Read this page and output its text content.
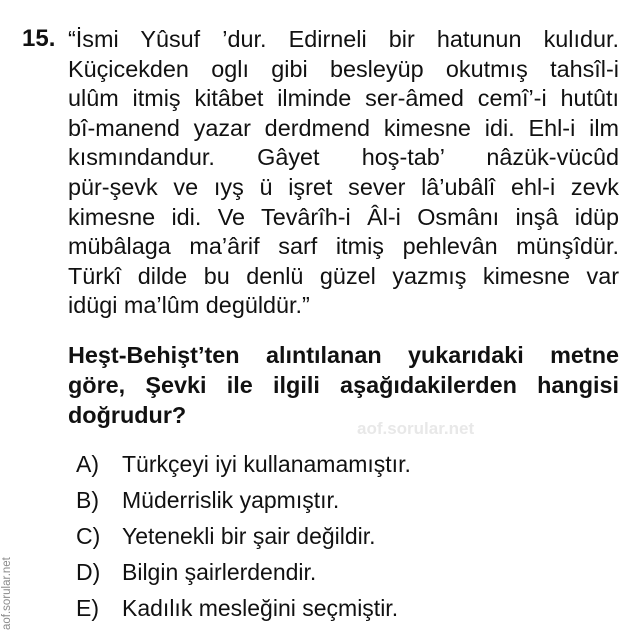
15. “İsmi Yûsuf ’dur. Edirneli bir hatunun kulıdur.
Küçicekden oglı gibi besleyüp okutmış tahsîl-i
ulûm itmiş kitâbet ilminde ser-âmed cemî’-i hutûtı
bî-manend yazar derdmend kimesne idi. Ehl-i ilm
kısmındandur. Gâyet hoş-tab’ nâzük-vücûd
pür-şevk ve ıyş ü işret sever lâ’ubâlî ehl-i zevk
kimesne idi. Ve Tevârîh-i Âl-i Osmânı inşâ idüp
mübâlaga ma’ârif sarf itmiş pehlevân münşîdür.
Türkî dilde bu denlü güzel yazmış kimesne var
idügi ma’lûm degüldür.”
aof.sorular.net
Heşt-Behişt’ten alıntılanan yukarıdaki metne
göre, Şevki ile ilgili aşağıdakilerden hangisi
doğrudur?
A) Türkçeyi iyi kullanamamıştır.
B) Müderrislik yapmıştır.
C) Yetenekli bir şair değildir.
D) Bilgin şairlerdendir.
E) Kadılık mesleğini seçmiştir.
aof.sorular.net
